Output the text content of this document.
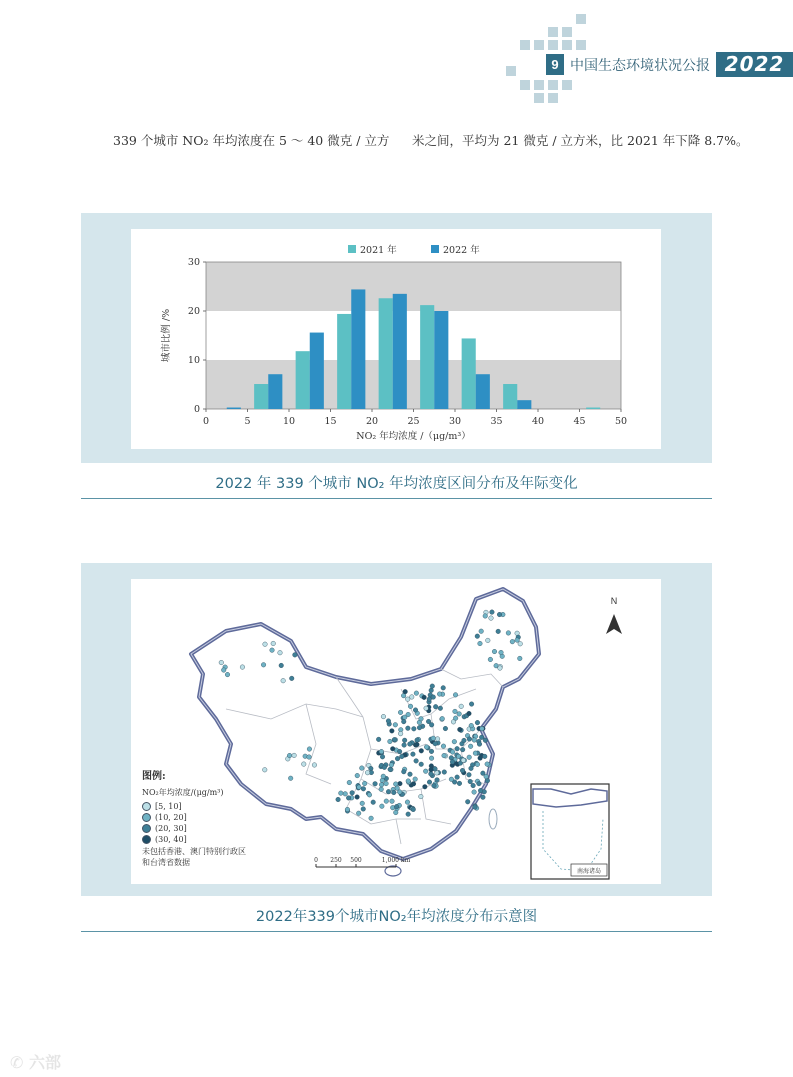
9 中国生态环境状况公报 2022
339 个城市 NO₂ 年均浓度在 5 ～ 40 微克 / 立方 米之间，平均为 21 微克 / 立方米，比 2021 年下降 8.7%。
0	5	10	15	20	25	30	35	40	45	50
0
10
20
30
NO₂ 年均浓度 /（μg/m³）
城市比例 /%
2021 年	2022 年
2022 年 339 个城市 NO₂ 年均浓度区间分布及年际变化
N
南海诸岛
0 250 500	1,000 km
图例:
NO₂年均浓度/(μg/m³)
[5, 10]
(10, 20]
(20, 30]
(30, 40]
未包括香港、澳门特别行政区
和台湾省数据
2022年339个城市NO₂年均浓度分布示意图
✆ 六部
